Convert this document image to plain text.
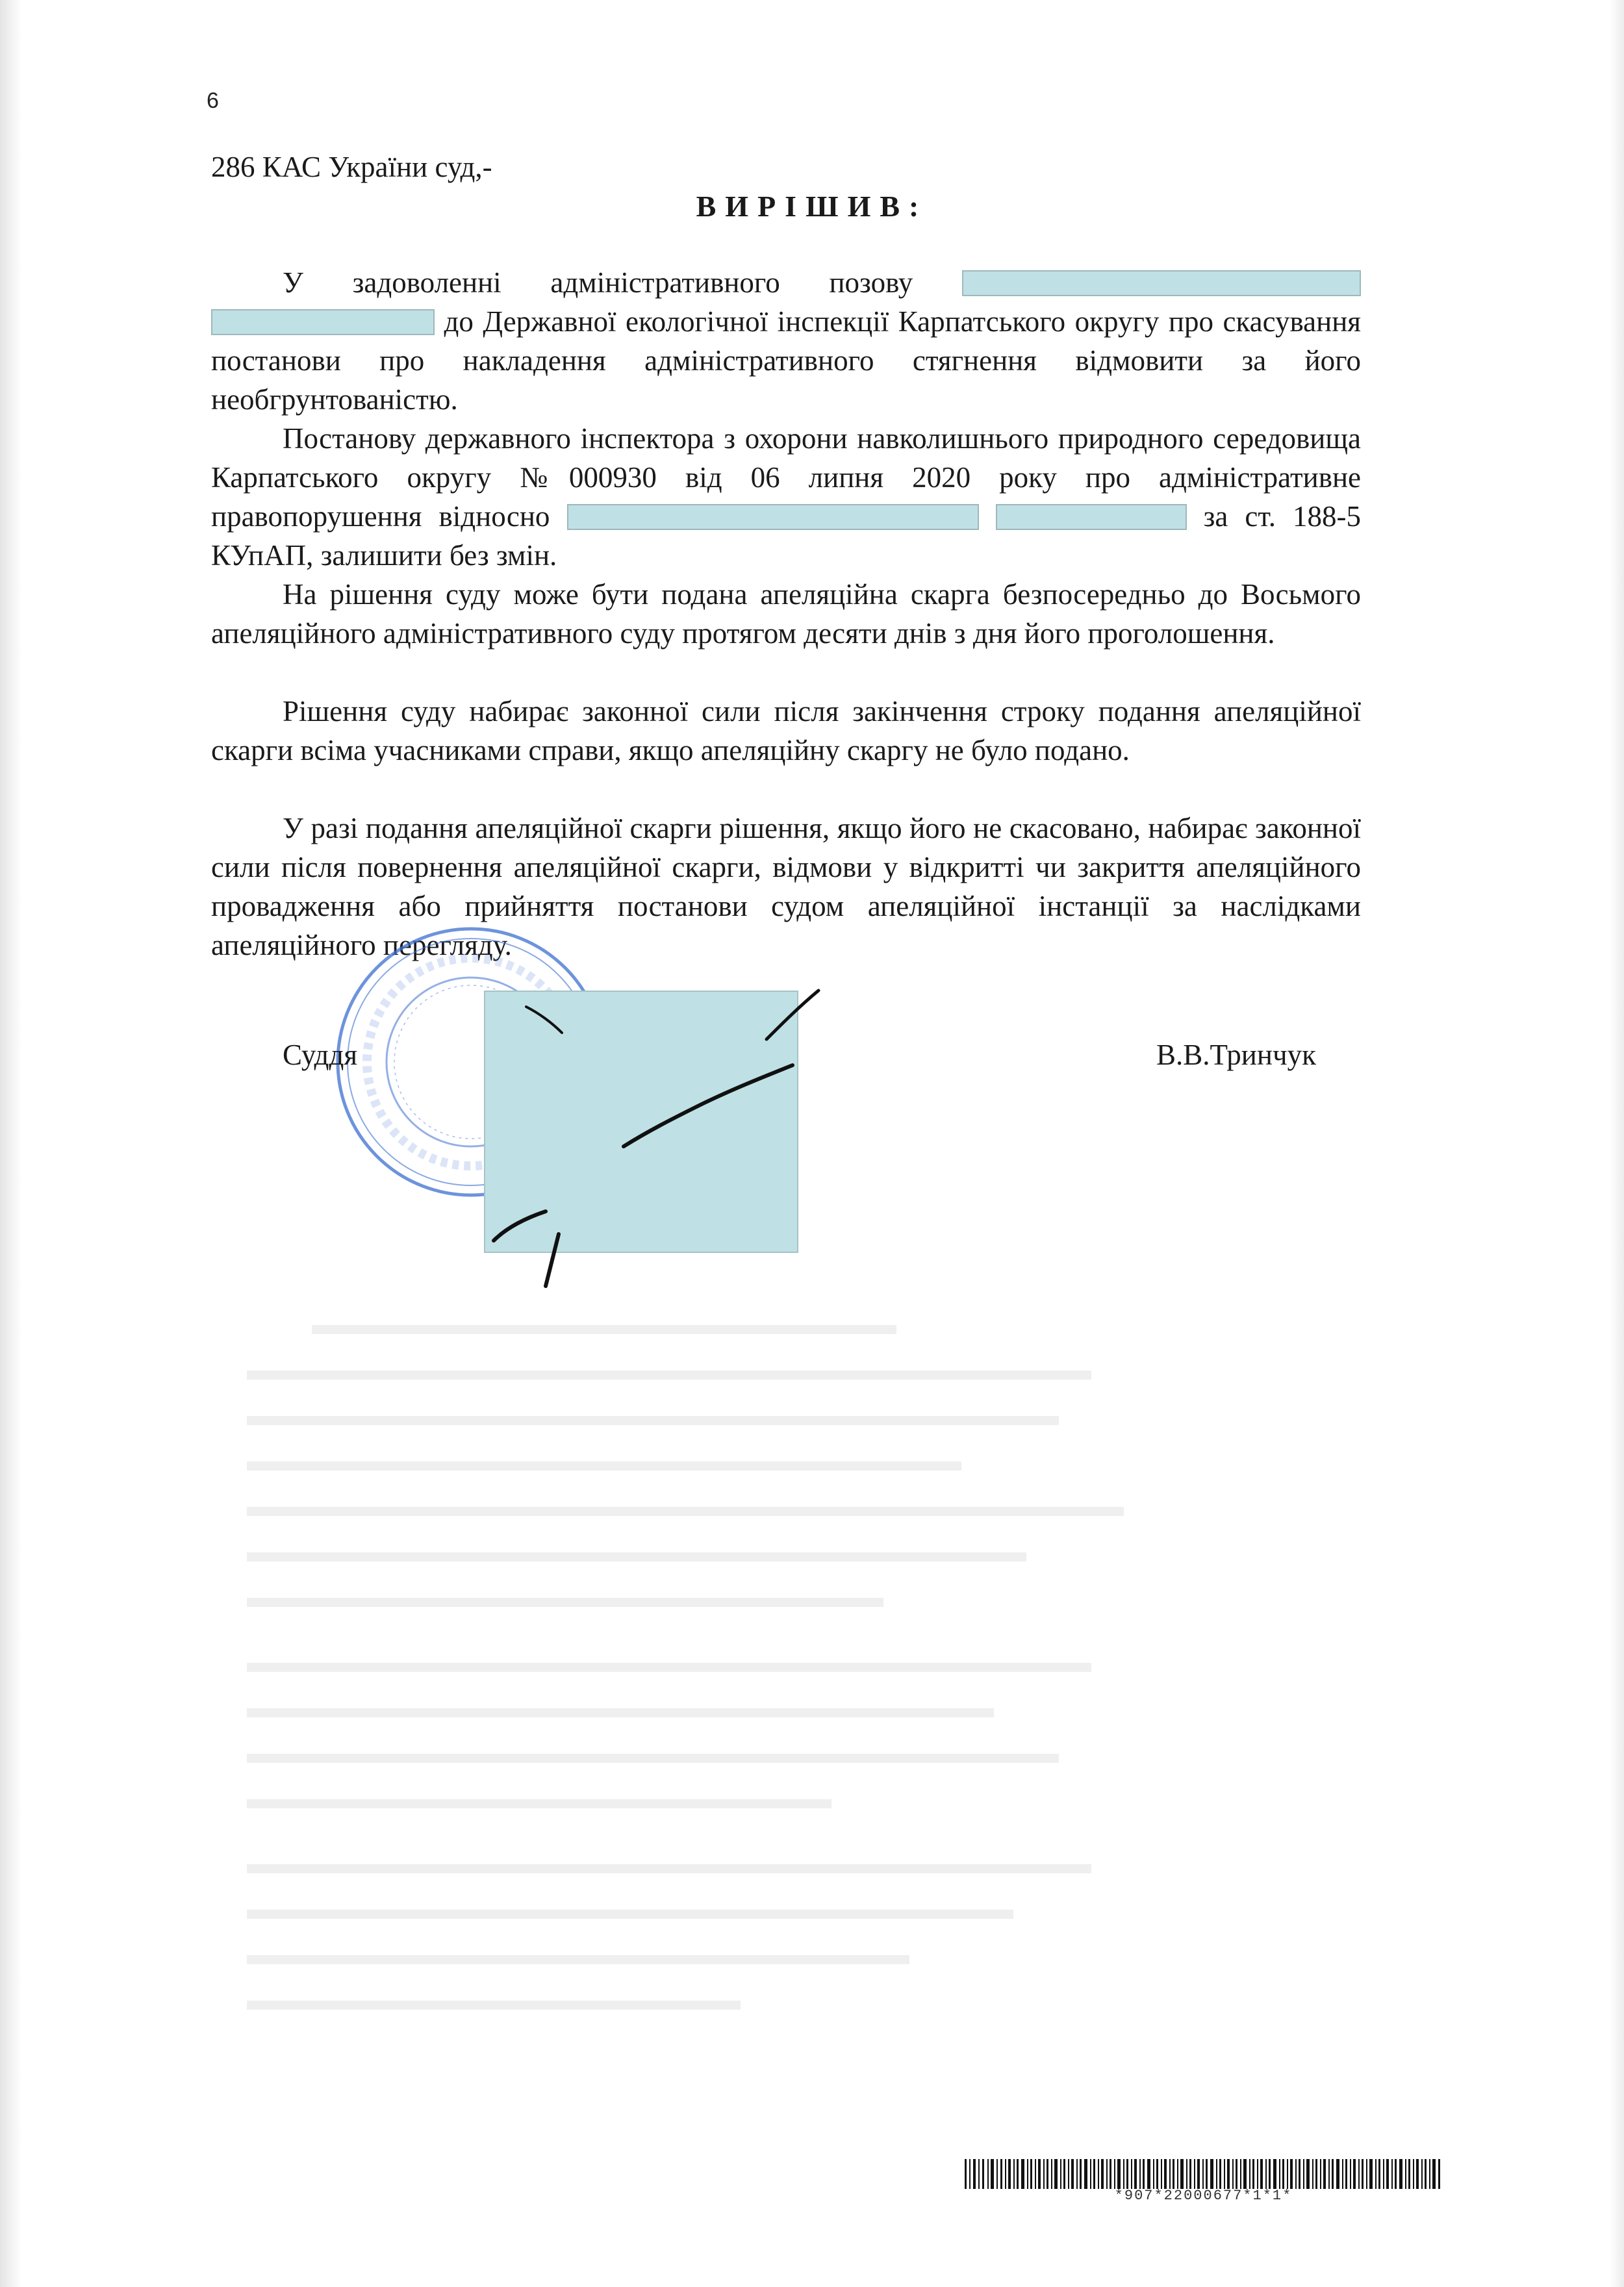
6
286 КАС України суд,-
ВИРІШИВ:

У задоволенні адміністративного позову   до Державної екологічної інспекції Карпатського округу про скасування постанови про накладення адміністративного стягнення відмовити за його необгрунтованістю.

Постанову державного інспектора з охорони навколишнього природного середовища Карпатського округу №000930 від 06 липня 2020 року про адміністративне правопорушення відносно	за ст. 188-5 КУпАП, залишити без змін.

На рішення суду може бути подана апеляційна скарга безпосередньо до Восьмого апеляційного адміністративного суду протягом десяти днів з дня його проголошення.

Рішення суду набирає законної сили після закінчення строку подання апеляційної скарги всіма учасниками справи, якщо апеляційну скаргу не було подано.

У разі подання апеляційної скарги рішення, якщо його не скасовано, набирає законної сили після повернення апеляційної скарги, відмови у відкритті чи закриття апеляційного провадження або прийняття постанови судом апеляційної інстанції за наслідками апеляційного перегляду.

Суддя	В.В.Тринчук
*907*22000677*1*1*
